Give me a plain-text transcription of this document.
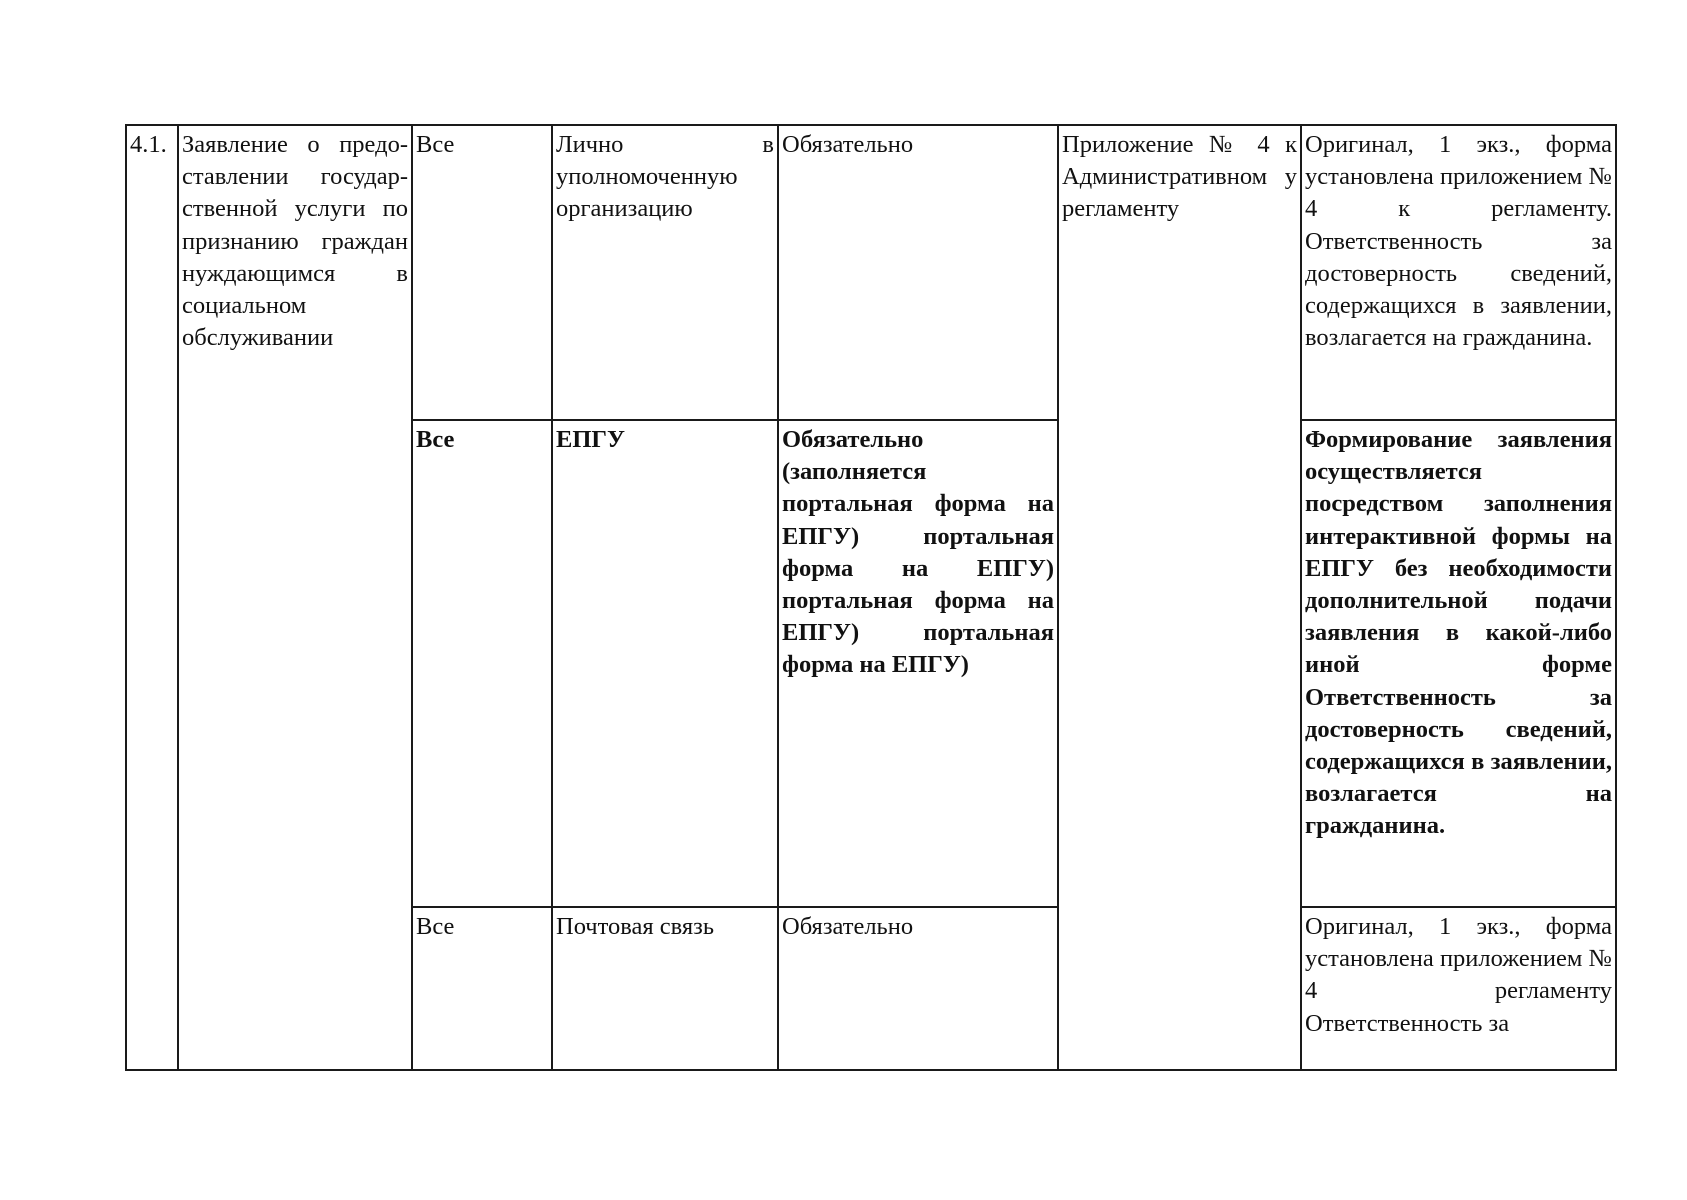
4.1.	Заявление о предоставлении государственной услуги по признанию граждан нуждающимся в социальном обслуживании	Все	Лично в уполномоченную организацию	Обязательно	Приложение № 4 к Административном у регламенту	Оригинал, 1 экз., форма установлена приложением № 4 к регламенту. Ответственность за достоверность сведений, содержащихся в заявлении, возлагается на гражданина.
		Все	ЕПГУ	Обязательно (заполняется портальная форма на ЕПГУ) портальная форма на ЕПГУ) портальная форма на ЕПГУ) портальная форма на ЕПГУ)		Формирование заявления осуществляется посредством заполнения интерактивной формы на ЕПГУ без необходимости дополнительной подачи заявления в какой-либо иной форме Ответственность за достоверность сведений, содержащихся в заявлении, возлагается на гражданина.
		Все	Почтовая связь	Обязательно		Оригинал, 1 экз., форма установлена приложением № 4 регламенту Ответственность за
